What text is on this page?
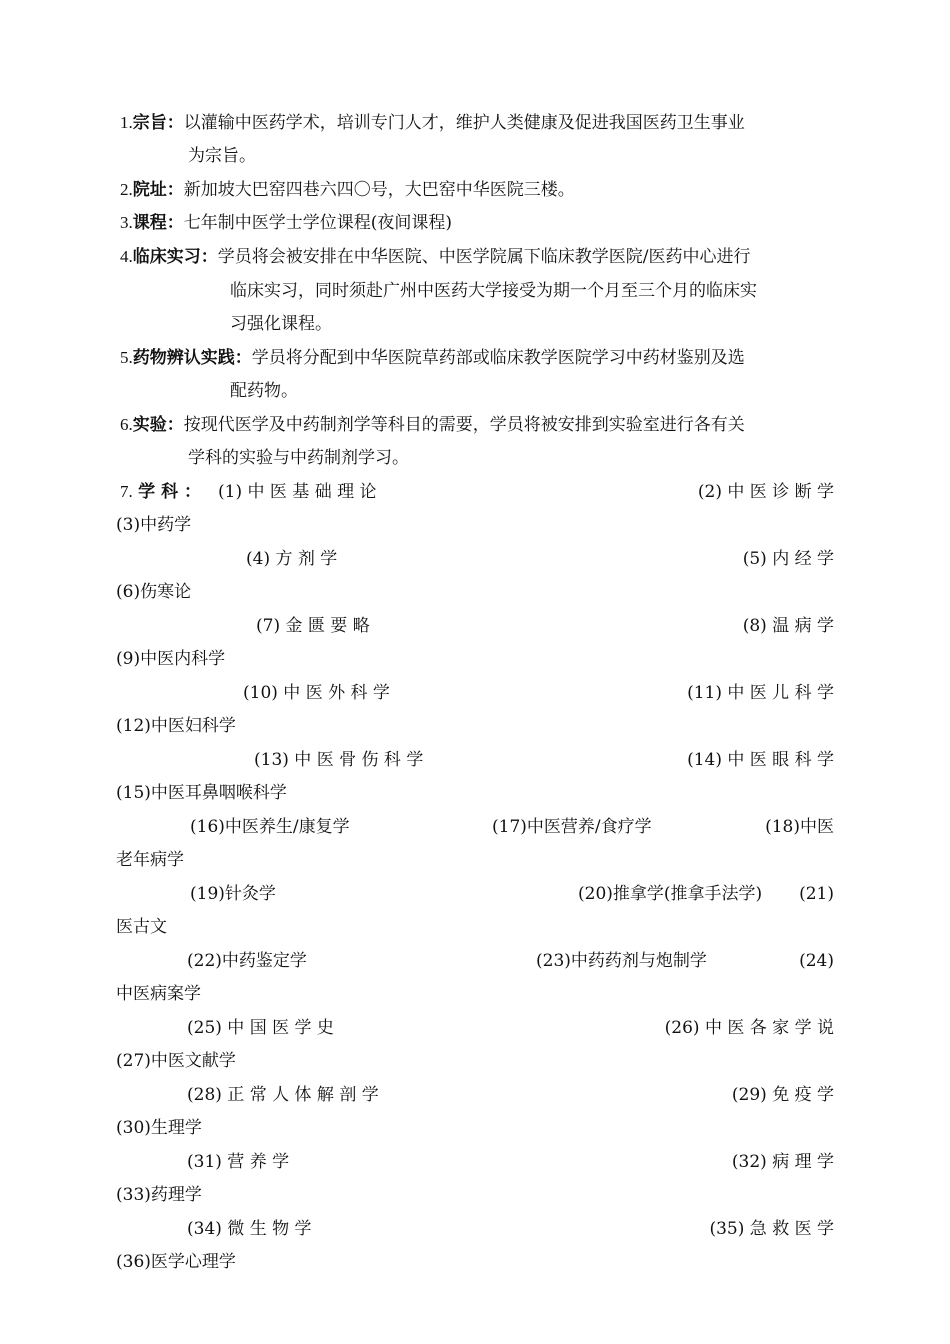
1.宗旨：以灌输中医药学术，培训专门人才，维护人类健康及促进我国医药卫生事业
为宗旨。
2.院址：新加坡大巴窑四巷六四〇号，大巴窑中华医院三楼。
3.课程：七年制中医学士学位课程(夜间课程)
4.临床实习：学员将会被安排在中华医院、中医学院属下临床教学医院/医药中心进行
临床实习，同时须赴广州中医药大学接受为期一个月至三个月的临床实
习强化课程。
5.药物辨认实践：学员将分配到中华医院草药部或临床教学医院学习中药材鉴别及选
配药物。
6.实验：按现代医学及中药制剂学等科目的需要，学员将被安排到实验室进行各有关
学科的实验与中药制剂学习。
7. 学 科 ： (1) 中 医 基 础 理 论	(2) 中 医 诊 断 学
(3)中药学
(4) 方 剂 学	(5) 内 经 学
(6)伤寒论
(7) 金 匮 要 略	(8) 温 病 学
(9)中医内科学
(10) 中 医 外 科 学	(11) 中 医 儿 科 学
(12)中医妇科学
(13) 中 医 骨 伤 科 学	(14) 中 医 眼 科 学
(15)中医耳鼻咽喉科学
(16)中医养生/康复学	(17)中医营养/食疗学	(18)中医
老年病学
(19)针灸学	(20)推拿学(推拿手法学) (21)
医古文
(22)中药鉴定学	(23)中药药剂与炮制学	(24)
中医病案学
(25) 中 国 医 学 史	(26) 中 医 各 家 学 说
(27)中医文献学
(28) 正 常 人 体 解 剖 学	(29) 免 疫 学
(30)生理学
(31) 营 养 学	(32) 病 理 学
(33)药理学
(34) 微 生 物 学	(35) 急 救 医 学
(36)医学心理学
